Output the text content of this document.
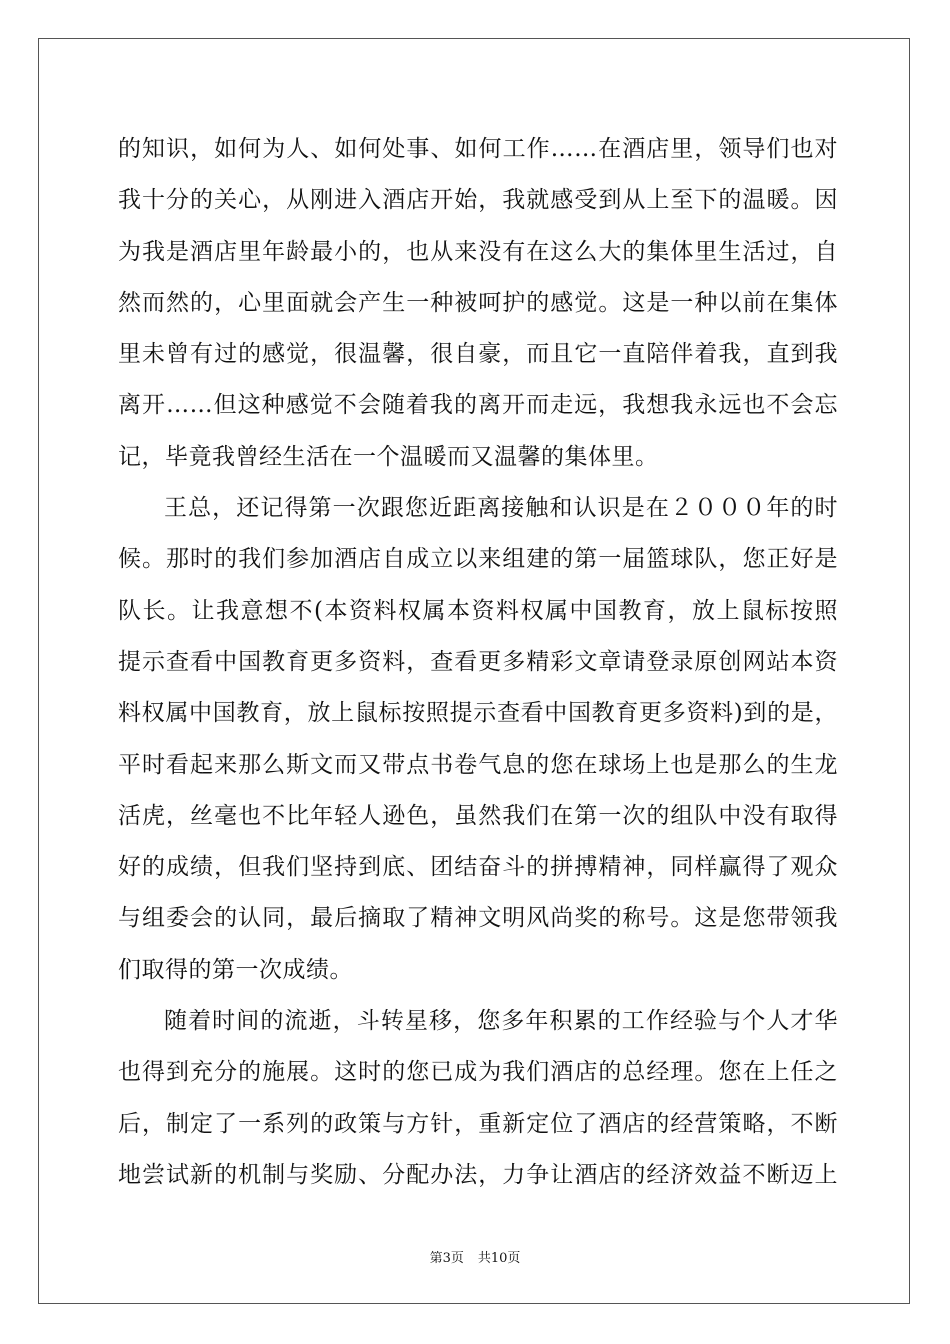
的知识，如何为人、如何处事、如何工作……在酒店里，领导们也对
我十分的关心，从刚进入酒店开始，我就感受到从上至下的温暖。因
为我是酒店里年龄最小的，也从来没有在这么大的集体里生活过，自
然而然的，心里面就会产生一种被呵护的感觉。这是一种以前在集体
里未曾有过的感觉，很温馨，很自豪，而且它一直陪伴着我，直到我
离开……但这种感觉不会随着我的离开而走远，我想我永远也不会忘
记，毕竟我曾经生活在一个温暖而又温馨的集体里。
王总，还记得第一次跟您近距离接触和认识是在２０００年的时
候。那时的我们参加酒店自成立以来组建的第一届篮球队，您正好是
队长。让我意想不(本资料权属本资料权属中国教育，放上鼠标按照
提示查看中国教育更多资料，查看更多精彩文章请登录原创网站本资
料权属中国教育，放上鼠标按照提示查看中国教育更多资料)到的是，
平时看起来那么斯文而又带点书卷气息的您在球场上也是那么的生龙
活虎，丝毫也不比年轻人逊色，虽然我们在第一次的组队中没有取得
好的成绩，但我们坚持到底、团结奋斗的拼搏精神，同样赢得了观众
与组委会的认同，最后摘取了精神文明风尚奖的称号。这是您带领我
们取得的第一次成绩。
随着时间的流逝，斗转星移，您多年积累的工作经验与个人才华
也得到充分的施展。这时的您已成为我们酒店的总经理。您在上任之
后，制定了一系列的政策与方针，重新定位了酒店的经营策略，不断
地尝试新的机制与奖励、分配办法，力争让酒店的经济效益不断迈上
第3页 共10页
